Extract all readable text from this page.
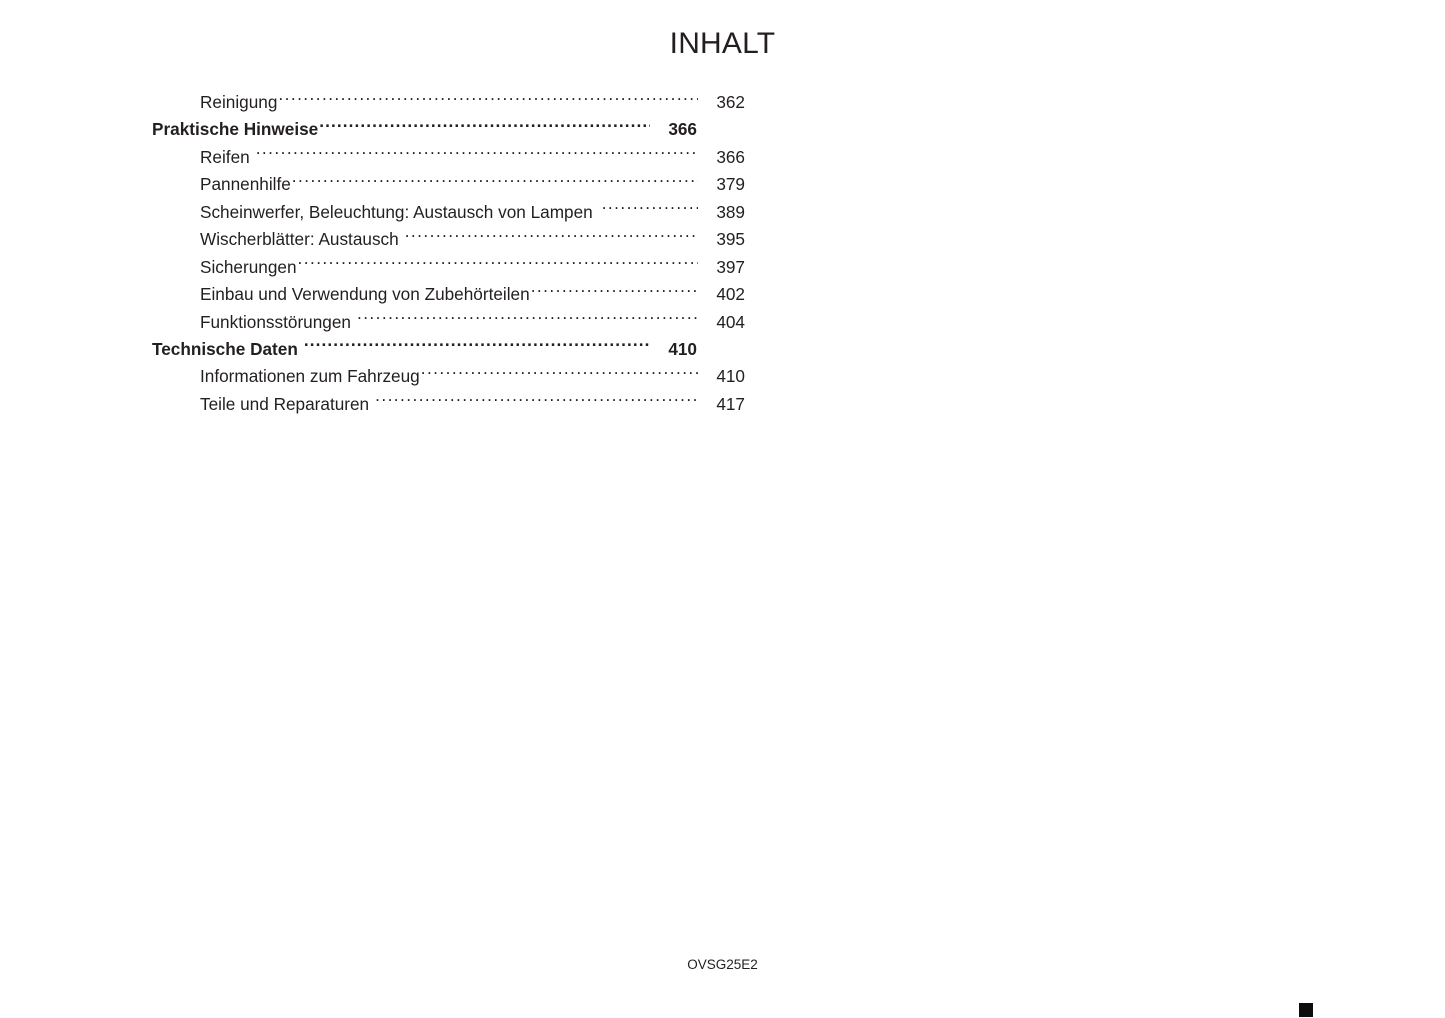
INHALT
Reinigung .....	362
Praktische Hinweise .....	366
Reifen .....	366
Pannenhilfe .....	379
Scheinwerfer, Beleuchtung: Austausch von Lampen .....	389
Wischerblätter: Austausch .....	395
Sicherungen .....	397
Einbau und Verwendung von Zubehörteilen .....	402
Funktionsstörungen .....	404
Technische Daten .....	410
Informationen zum Fahrzeug .....	410
Teile und Reparaturen .....	417
OVSG25E2
